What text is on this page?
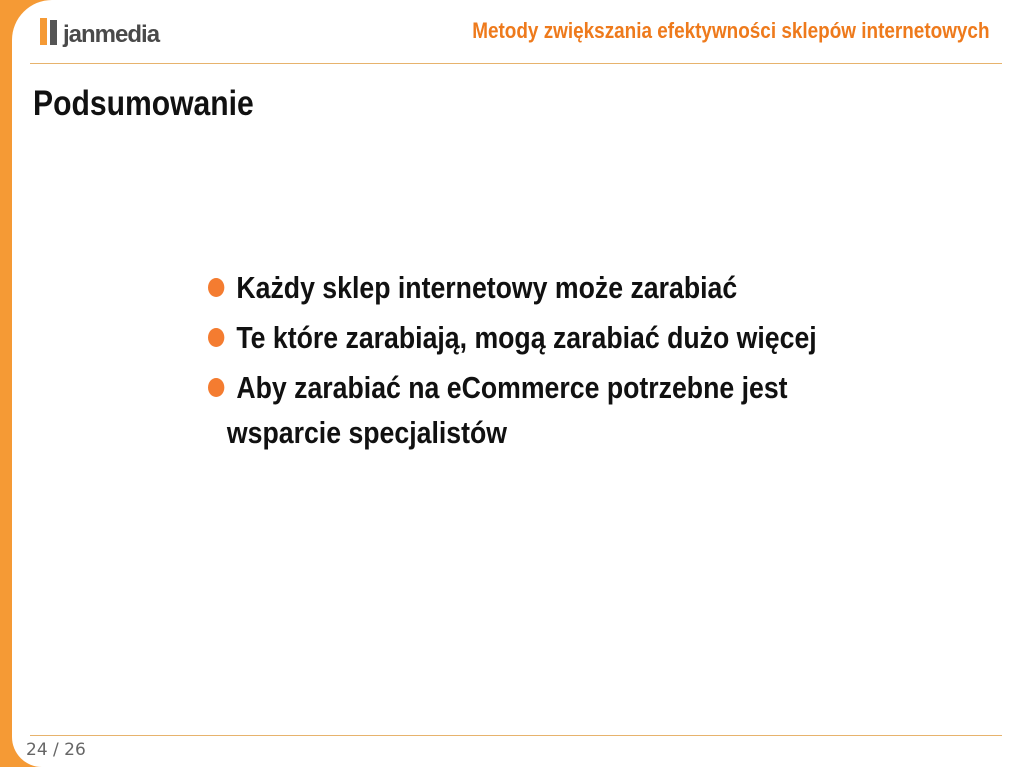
janmedia	Metody zwiększania efektywności sklepów internetowych
Podsumowanie
Każdy sklep internetowy może zarabiać
Te które zarabiają, mogą zarabiać dużo więcej
Aby zarabiać na eCommerce potrzebne jest
wsparcie specjalistów
24 / 26
